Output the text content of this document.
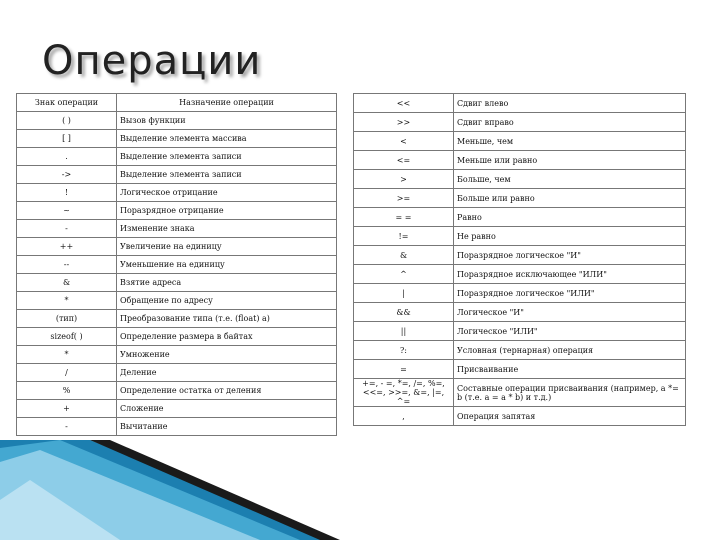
Операции
Знак операции	Назначение операции
( )	Вызов функции
[ ]	Выделение элемента массива
.	Выделение элемента записи
->	Выделение элемента записи
!	Логическое отрицание
~	Поразрядное отрицание
-	Изменение знака
++	Увеличение на единицу
--	Уменьшение на единицу
&	Взятие адреса
*	Обращение по адресу
(тип)	Преобразование типа (т.е. (float) a)
sizeof( )	Определение размера в байтах
*	Умножение
/	Деление
%	Определение остатка от деления
+	Сложение
-	Вычитание
<<	Сдвиг влево
>>	Сдвиг вправо
<	Меньше, чем
<=	Меньше или равно
>	Больше, чем
>=	Больше или равно
= =	Равно
!=	Не равно
&	Поразрядное логическое "И"
^	Поразрядное исключающее "ИЛИ"
|	Поразрядное логическое "ИЛИ"
&&	Логическое "И"
||	Логическое "ИЛИ"
?:	Условная (тернарная) операция
=	Присваивание
+=, - =, *=, /=, %=, <<=, >>=, &=, |=, ^=	Составные операции присваивания (например, а *= b (т.е. a = a * b) и т.д.)
,	Операция запятая
